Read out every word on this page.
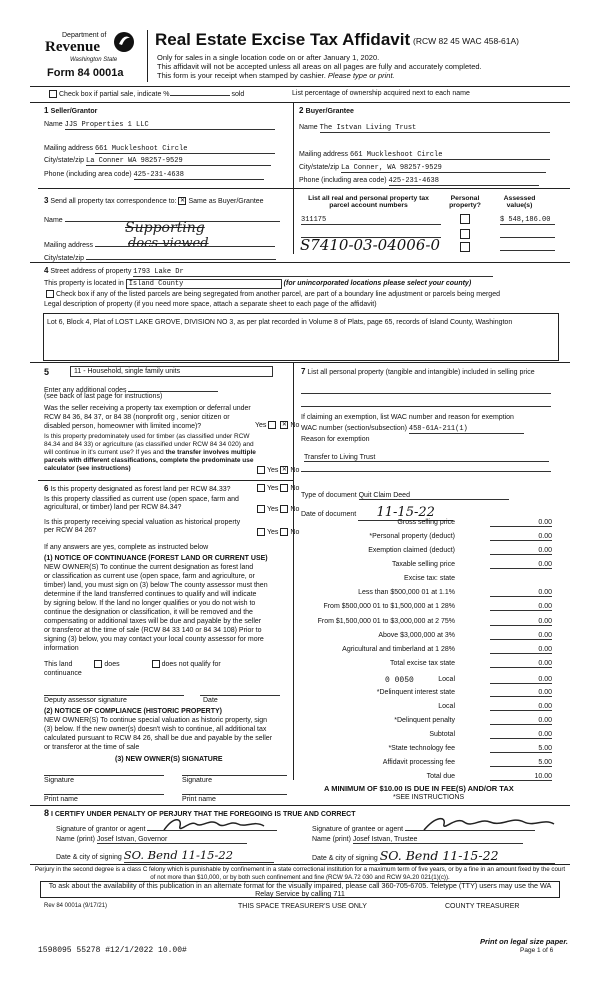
Department of
Revenue
Washington State
Form 84 0001a
Real Estate Excise Tax Affidavit (RCW 82 45 WAC 458-61A)
Only for sales in a single location code on or after January 1, 2020.
This affidavit will not be accepted unless all areas on all pages are fully and accurately completed.
This form is your receipt when stamped by cashier. Please type or print.
Check box if partial sale, indicate %	sold	List percentage of ownership acquired next to each name
1 Seller/Grantor
Name JJS Properties 1 LLC
Mailing address 661 Muckleshoot Circle
City/state/zip La Conner WA 98257-9529
Phone (including area code) 425-231-4638
2 Buyer/Grantee
Name The Istvan Living Trust
Mailing address 661 Muckleshoot Circle
City/state/zip La Conner, WA 98257-9529
Phone (including area code) 425-231-4638
3 Send all property tax correspondence to: ✕ Same as Buyer/Grantee
Name	Supporting
docs viewed
Mailing address
City/state/zip
List all real and personal property tax parcel account numbers
Personal property?
Assessed value(s)
311175	$ 548,186.00
S7410-03-04006-0
4 Street address of property 1793 Lake Dr
This property is located in Island County	(for unincorporated locations please select your county)
Check box if any of the listed parcels are being segregated from another parcel, are part of a boundary line adjustment or parcels being merged
Legal description of property (if you need more space, attach a separate sheet to each page of the affidavit)
Lot 6, Block 4, Plat of LOST LAKE GROVE, DIVISION NO 3, as per plat recorded in Volume 8 of Plats, page 65, records of Island County, Washington
5	11 - Household, single family units
Enter any additional codes
(see back of last page for instructions)
Was the seller receiving a property tax exemption or deferral under RCW 84 36, 84 37, or 84 38 (nonprofit org , senior citizen or disabled person, homeowner with limited income)?	Yes ✕	No
Is this property predominately used for timber (as classified under RCW 84.34 and 84 33) or agriculture (as classified under RCW 84 34 020) and will continue in it's current use? If yes and the transfer involves multiple parcels with different classifications, complete the predominate use calculator (see instructions)	Yes ✕ No
6 Is this property designated as forest land per RCW 84.33?	Yes No
Is this property classified as current use (open space, farm and agricultural, or timber) land per RCW 84.34?	Yes No
Is this property receiving special valuation as historical property per RCW 84 26?	Yes No
If any answers are yes, complete as instructed below
(1) NOTICE OF CONTINUANCE (FOREST LAND OR CURRENT USE)
NEW OWNER(S) To continue the current designation as forest land
or classification as current use (open space, farm and agriculture, or
timber) land, you must sign on (3) below The county assessor must then
determine if the land transferred continues to qualify and will indicate
by signing below. If the land no longer qualifies or you do not wish to
continue the designation or classification, it will be removed and the
compensating or additional taxes will be due and payable by the seller
or transferor at the time of sale (RCW 84 33 140 or 84 34 108) Prior to
signing (3) below, you may contact your local county assessor for more
information
This land	does	does not qualify for
continuance
Deputy assessor signature	Date
(2) NOTICE OF COMPLIANCE (HISTORIC PROPERTY)
NEW OWNER(S) To continue special valuation as historic property, sign
(3) below. If the new owner(s) doesn't wish to continue, all additional tax
calculated pursuant to RCW 84 26, shall be due and payable by the seller
or transferor at the time of sale
(3) NEW OWNER(S) SIGNATURE
Signature	Signature
Print name	Print name
7 List all personal property (tangible and intangible) included in selling price
If claiming an exemption, list WAC number and reason for exemption
WAC number (section/subsection) 458-61A-211(1)
Reason for exemption
Transfer to Living Trust
Type of document Quit Claim Deed
Date of document 11-15-22
Gross selling price	0.00
*Personal property (deduct)	0.00
Exemption claimed (deduct)	0.00
Taxable selling price	0.00
Excise tax: state
Less than $500,000 01 at 1.1%	0.00
From $500,000 01 to $1,500,000 at 1 28%	0.00
From $1,500,000 01 to $3,000,000 at 2 75%	0.00
Above $3,000,000 at 3%	0.00
Agricultural and timberland at 1 28%	0.00
Total excise tax state	0.00
0 0050	Local	0.00
*Delinquent interest state	0.00
Local	0.00
*Delinquent penalty	0.00
Subtotal	0.00
*State technology fee	5.00
Affidavit processing fee	5.00
Total due	10.00
A MINIMUM OF $10.00 IS DUE IN FEE(S) AND/OR TAX
*SEE INSTRUCTIONS
8 I CERTIFY UNDER PENALTY OF PERJURY THAT THE FOREGOING IS TRUE AND CORRECT
Signature of grantor or agent
Name (print) Josef Istvan, Governor
Date & city of signing SO. Bend 11-15-22
Signature of grantee or agent
Name (print) Josef Istvan, Trustee
Date & city of signing SO. Bend 11-15-22
Perjury in the second degree is a class C felony which is punishable by confinement in a state correctional institution for a maximum term of five years, or by a fine in an amount fixed by the court of not more than $10,000, or by both such confinement and fine (RCW 9A.72 030 and RCW 9A.20 021(1)(c)).
To ask about the availability of this publication in an alternate format for the visually impaired, please call 360-705-6705. Teletype (TTY) users may use the WA Relay Service by calling 711
Rev 84 0001a (9/17/21)	THIS SPACE TREASURER'S USE ONLY	COUNTY TREASURER
1598095 55278 #12/1/2022 10.00#
Print on legal size paper.
Page 1 of 6
